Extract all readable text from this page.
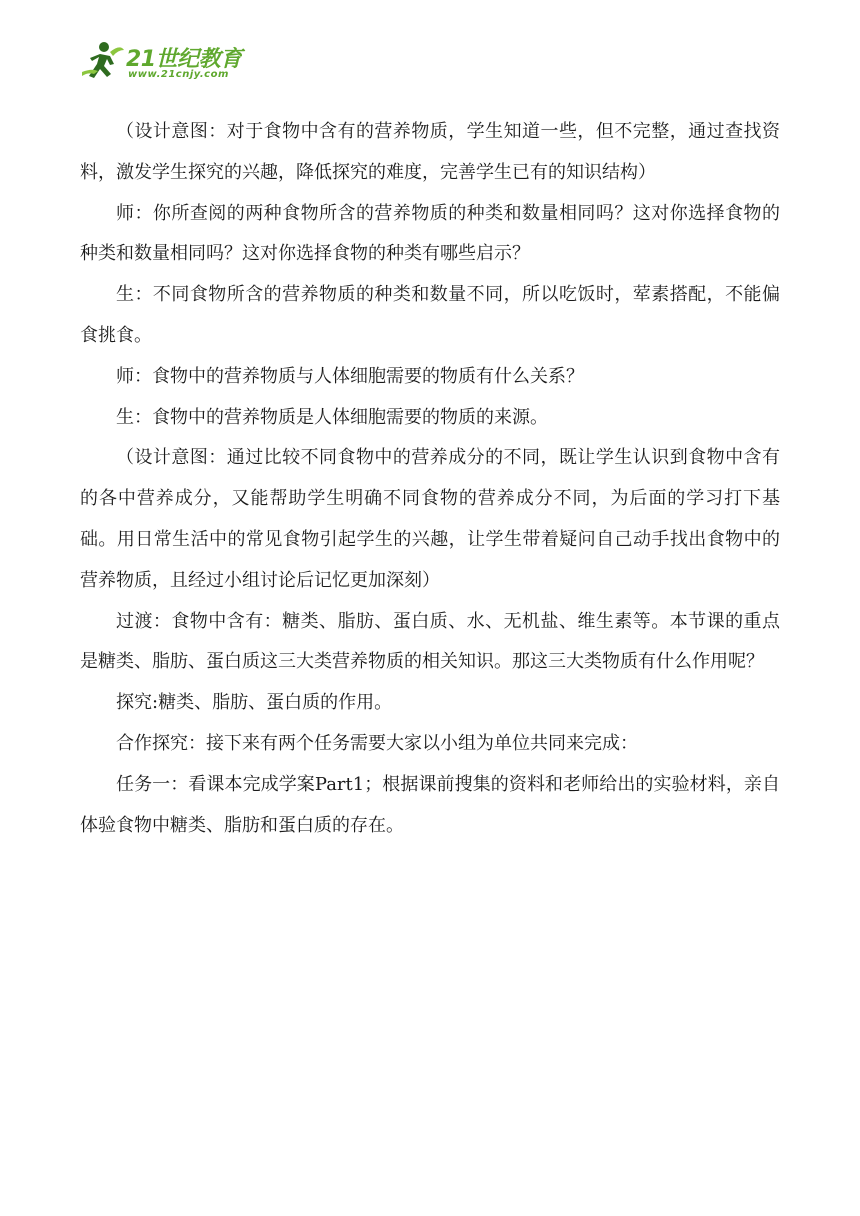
21世纪教育
www.21cnjy.com

（设计意图：对于食物中含有的营养物质，学生知道一些，但不完整，通过查找资料，激发学生探究的兴趣，降低探究的难度，完善学生已有的知识结构）

师：你所查阅的两种食物所含的营养物质的种类和数量相同吗？这对你选择食物的种类和数量相同吗？这对你选择食物的种类有哪些启示？

生：不同食物所含的营养物质的种类和数量不同，所以吃饭时，荤素搭配，不能偏食挑食。

师：食物中的营养物质与人体细胞需要的物质有什么关系？

生：食物中的营养物质是人体细胞需要的物质的来源。

（设计意图：通过比较不同食物中的营养成分的不同，既让学生认识到食物中含有的各中营养成分，又能帮助学生明确不同食物的营养成分不同，为后面的学习打下基础。用日常生活中的常见食物引起学生的兴趣，让学生带着疑问自己动手找出食物中的营养物质，且经过小组讨论后记忆更加深刻）

过渡：食物中含有：糖类、脂肪、蛋白质、水、无机盐、维生素等。本节课的重点是糖类、脂肪、蛋白质这三大类营养物质的相关知识。那这三大类物质有什么作用呢？

探究:糖类、脂肪、蛋白质的作用。

合作探究：接下来有两个任务需要大家以小组为单位共同来完成：

任务一：看课本完成学案Part1；根据课前搜集的资料和老师给出的实验材料，亲自体验食物中糖类、脂肪和蛋白质的存在。
